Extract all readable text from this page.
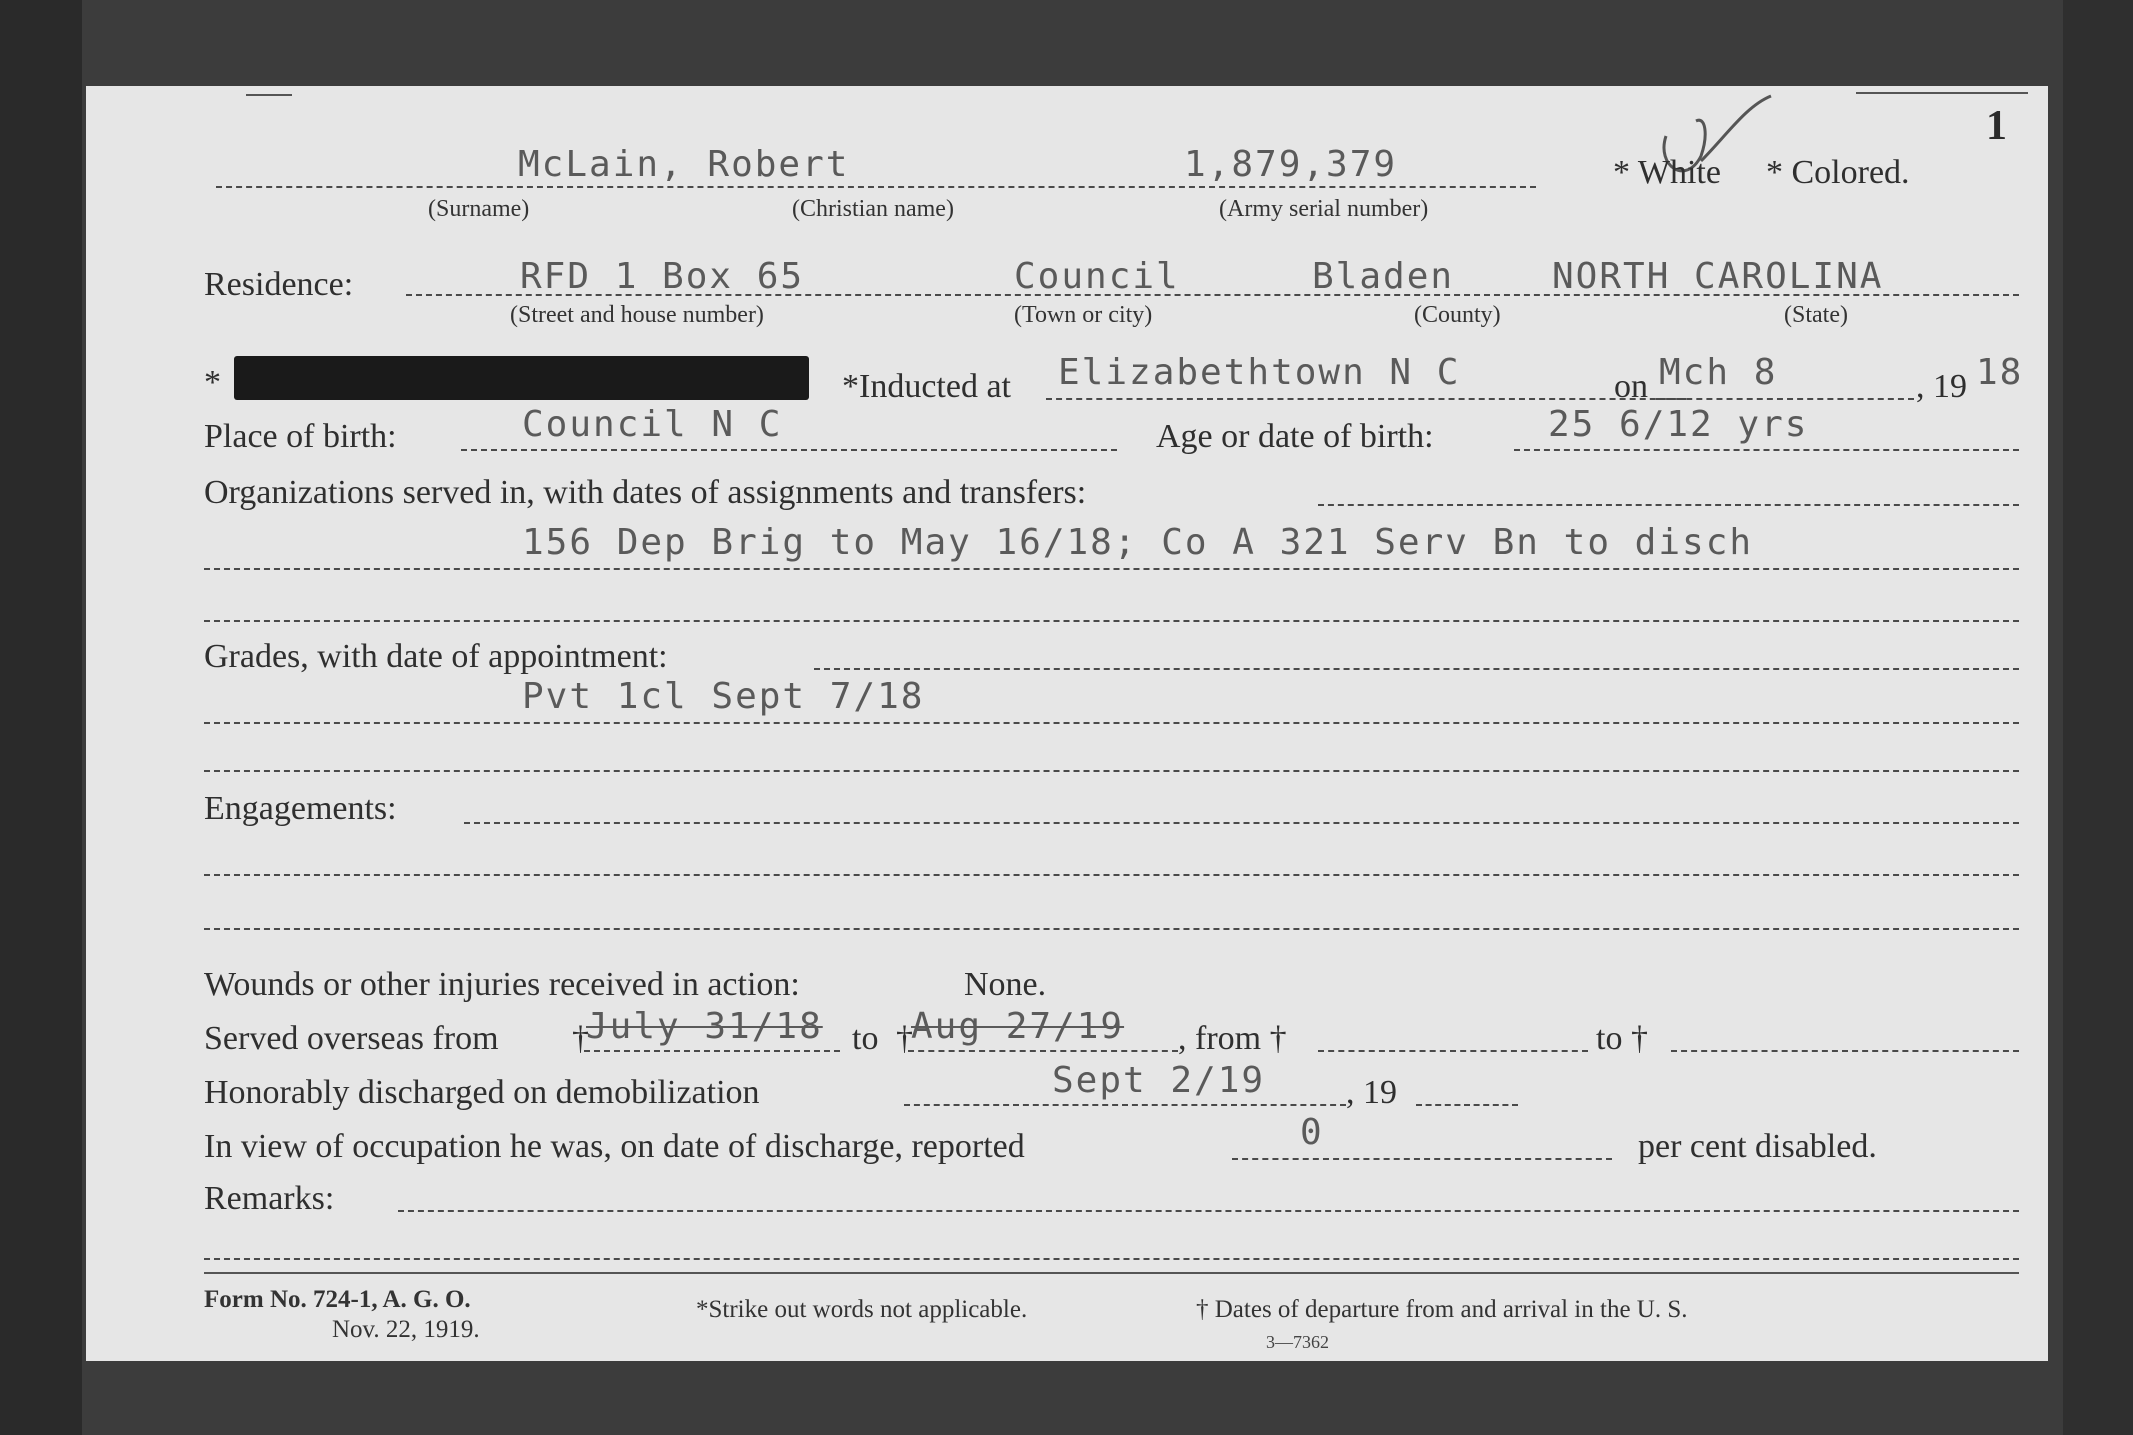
1
McLain, Robert	1,879,379	* White * Colored.
(Surname)	(Christian name)	(Army serial number)
Residence:	RFD 1 Box 65	Council	Bladen	NORTH CAROLINA
(Street and house number)	(Town or city)	(County)	(State)
*	*Inducted at Elizabethtown N C	on Mch 8	, 19 18
Place of birth:	Council N C	Age or date of birth:	25 6/12 yrs
Organizations served in, with dates of assignments and transfers:
156 Dep Brig to May 16/18; Co A 321 Serv Bn to disch
Grades, with date of appointment:
Pvt 1cl Sept 7/18
Engagements:
Wounds or other injuries received in action:	None.
Served overseas from †
July 31/18 to †
Aug 27/19 , from †	to †
Honorably discharged on demobilization	Sept 2/19 , 19
In view of occupation he was, on date of discharge, reported	0	per cent disabled.
Remarks:
Form No. 724-1, A. G. O.
Nov. 22, 1919.
*Strike out words not applicable.	† Dates of departure from and arrival in the U. S.
3—7362
